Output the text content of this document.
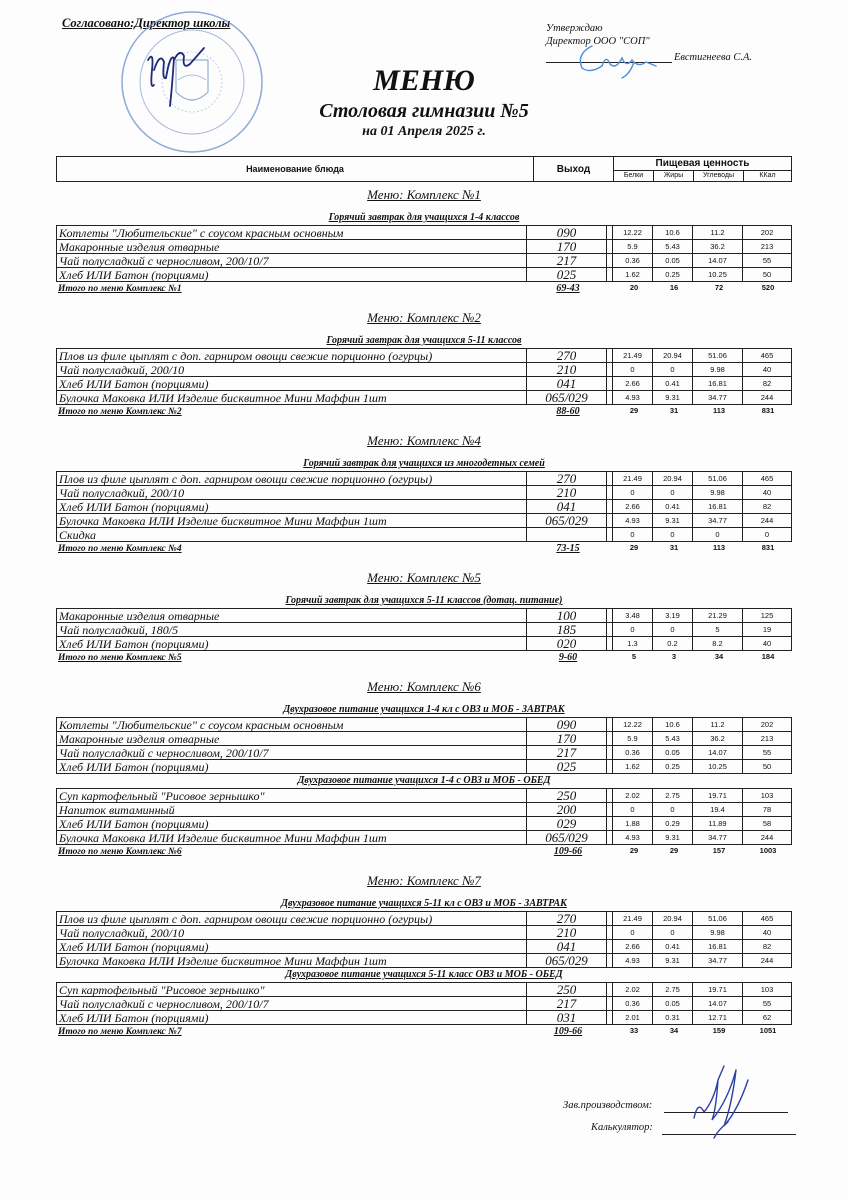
Согласовано:Директор школы	Утверждаю
Директор ООО "СОП"
Евстигнеева С.А.
МЕНЮ
Столовая гимназии №5
на 01 Апреля 2025 г.
Наименование блюда	Выход	Пищевая ценность			
		Белки	Жиры	Углеводы	ККал
Меню: Комплекс №1
Горячий завтрак для учащихся 1-4 классов
Котлеты "Любительские" с соусом красным основным	090	12.22	10.6	11.2	202
Макаронные изделия отварные	170	5.9	5.43	36.2	213
Чай полусладкий с черносливом, 200/10/7	217	0.36	0.05	14.07	55
Хлеб ИЛИ Батон (порциями)	025	1.62	0.25	10.25	50
Итого по меню Комплекс №1	69-43	20	16	72	520
Меню: Комплекс №2
Горячий завтрак для учащихся 5-11 классов
Плов из филе цыплят с доп. гарниром овощи свежие порционно (огурцы)	270	21.49	20.94	51.06	465
Чай полусладкий, 200/10	210	0	0	9.98	40
Хлеб ИЛИ Батон (порциями)	041	2.66	0.41	16.81	82
Булочка Маковка ИЛИ Изделие бисквитное Мини Маффин 1шт	065/029	4.93	9.31	34.77	244
Итого по меню Комплекс №2	88-60	29	31	113	831
Меню: Комплекс №4
Горячий завтрак для учащихся из многодетных семей
Плов из филе цыплят с доп. гарниром овощи свежие порционно (огурцы)	270	21.49	20.94	51.06	465
Чай полусладкий, 200/10	210	0	0	9.98	40
Хлеб ИЛИ Батон (порциями)	041	2.66	0.41	16.81	82
Булочка Маковка ИЛИ Изделие бисквитное Мини Маффин 1шт	065/029	4.93	9.31	34.77	244
Скидка	0	0	0	0
Итого по меню Комплекс №4	73-15	29	31	113	831
Меню: Комплекс №5
Горячий завтрак для учащихся 5-11 классов (дотац. питание)
Макаронные изделия отварные	100	3.48	3.19	21.29	125
Чай полусладкий, 180/5	185	0	0	5	19
Хлеб ИЛИ Батон (порциями)	020	1.3	0.2	8.2	40
Итого по меню Комплекс №5	9-60	5	3	34	184
Меню: Комплекс №6
Двухразовое питание учащихся 1-4 кл с ОВЗ и МОБ - ЗАВТРАК
Котлеты "Любительские" с соусом красным основным	090	12.22	10.6	11.2	202
Макаронные изделия отварные	170	5.9	5.43	36.2	213
Чай полусладкий с черносливом, 200/10/7	217	0.36	0.05	14.07	55
Хлеб ИЛИ Батон (порциями)	025	1.62	0.25	10.25	50
Двухразовое питание учащихся 1-4 с ОВЗ и МОБ - ОБЕД
Суп картофельный "Рисовое зернышко"	250	2.02	2.75	19.71	103
Напиток витаминный	200	0	0	19.4	78
Хлеб ИЛИ Батон (порциями)	029	1.88	0.29	11.89	58
Булочка Маковка ИЛИ Изделие бисквитное Мини Маффин 1шт	065/029	4.93	9.31	34.77	244
Итого по меню Комплекс №6	109-66	29	29	157	1003
Меню: Комплекс №7
Двухразовое питание учащихся 5-11 кл с ОВЗ и МОБ - ЗАВТРАК
Плов из филе цыплят с доп. гарниром овощи свежие порционно (огурцы)	270	21.49	20.94	51.06	465
Чай полусладкий, 200/10	210	0	0	9.98	40
Хлеб ИЛИ Батон (порциями)	041	2.66	0.41	16.81	82
Булочка Маковка ИЛИ Изделие бисквитное Мини Маффин 1шт	065/029	4.93	9.31	34.77	244
Двухразовое питание учащихся 5-11 класс ОВЗ и МОБ - ОБЕД
Суп картофельный "Рисовое зернышко"	250	2.02	2.75	19.71	103
Чай полусладкий с черносливом, 200/10/7	217	0.36	0.05	14.07	55
Хлеб ИЛИ Батон (порциями)	031	2.01	0.31	12.71	62
Итого по меню Комплекс №7	109-66	33	34	159	1051
Зав.производством:
Калькулятор:
